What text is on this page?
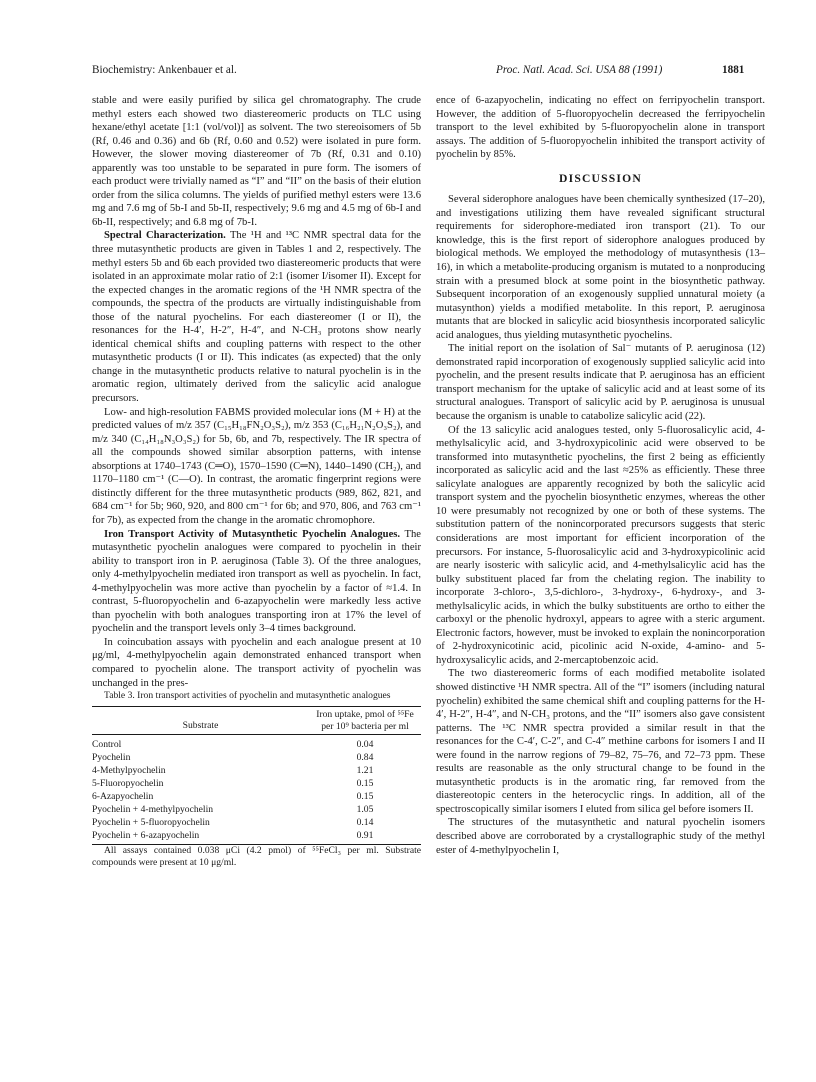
Biochemistry: Ankenbauer et al.	Proc. Natl. Acad. Sci. USA 88 (1991)	1881

stable and were easily purified by silica gel chromatography. The crude methyl esters each showed two diastereomeric products on TLC using hexane/ethyl acetate [1:1 (vol/vol)] as solvent. The two stereoisomers of 5b (Rf, 0.46 and 0.36) and 6b (Rf, 0.60 and 0.52) were isolated in pure form. However, the slower moving diastereomer of 7b (Rf, 0.31 and 0.10) apparently was too unstable to be separated in pure form. The isomers of each product were trivially named as “I” and “II” on the basis of their elution order from the silica columns. The yields of purified methyl esters were 13.6 mg and 7.6 mg of 5b-I and 5b-II, respectively; 9.6 mg and 4.5 mg of 6b-I and 6b-II, respectively; and 6.8 mg of 7b-I.

Spectral Characterization. The ¹H and ¹³C NMR spectral data for the three mutasynthetic products are given in Tables 1 and 2, respectively. The methyl esters 5b and 6b each provided two diastereomeric products that were isolated in an approximate molar ratio of 2:1 (isomer I/isomer II). Except for the expected changes in the aromatic regions of the ¹H NMR spectra of the compounds, the spectra of the products are virtually indistinguishable from those of the natural pyochelins. For each diastereomer (I or II), the resonances for the H-4′, H-2″, H-4″, and N-CH₃ protons show nearly identical chemical shifts and coupling patterns with respect to the other mutasynthetic products (I or II). This indicates (as expected) that the only change in the mutasynthetic products relative to natural pyochelin is in the aromatic region, ultimately derived from the salicylic acid analogue precursors.

Low- and high-resolution FABMS provided molecular ions (M + H) at the predicted values of m/z 357 (C₁₅H₁₈FN₂O₃S₂), m/z 353 (C₁₆H₂₁N₂O₃S₂), and m/z 340 (C₁₄H₁₈N₃O₃S₂) for 5b, 6b, and 7b, respectively. The IR spectra of all the compounds showed similar absorption patterns, with intense absorptions at 1740–1743 (C═O), 1570–1590 (C═N), 1440–1490 (CH₂), and 1170–1180 cm⁻¹ (C—O). In contrast, the aromatic fingerprint regions were distinctly different for the three mutasynthetic products (989, 862, 821, and 684 cm⁻¹ for 5b; 960, 920, and 800 cm⁻¹ for 6b; and 970, 806, and 763 cm⁻¹ for 7b), as expected from the change in the aromatic chromophore.

Iron Transport Activity of Mutasynthetic Pyochelin Analogues. The mutasynthetic pyochelin analogues were compared to pyochelin in their ability to transport iron in P. aeruginosa (Table 3). Of the three analogues, only 4-methylpyochelin mediated iron transport as well as pyochelin. In fact, 4-methylpyochelin was more active than pyochelin by a factor of ≈1.4. In contrast, 5-fluoropyochelin and 6-azapyochelin were markedly less active than pyochelin with both analogues transporting iron at 17% the level of pyochelin and the transport levels only 3–4 times background.

In coincubation assays with pyochelin and each analogue present at 10 μg/ml, 4-methylpyochelin again demonstrated enhanced transport when compared to pyochelin alone. The transport activity of pyochelin was unchanged in the pres-

Table 3. Iron transport activities of pyochelin and mutasynthetic analogues

Substrate	Iron uptake, pmol of ⁵⁵Fe per 10⁹ bacteria per ml
Control	0.04
Pyochelin	0.84
4-Methylpyochelin	1.21
5-Fluoropyochelin	0.15
6-Azapyochelin	0.15
Pyochelin + 4-methylpyochelin	1.05
Pyochelin + 5-fluoropyochelin	0.14
Pyochelin + 6-azapyochelin	0.91

All assays contained 0.038 μCi (4.2 pmol) of ⁵⁵FeCl₃ per ml. Substrate compounds were present at 10 μg/ml.

ence of 6-azapyochelin, indicating no effect on ferripyochelin transport. However, the addition of 5-fluoropyochelin decreased the ferripyochelin transport to the level exhibited by 5-fluoropyochelin alone in transport assays. The addition of 5-fluoropyochelin inhibited the transport activity of pyochelin by 85%.

DISCUSSION

Several siderophore analogues have been chemically synthesized (17–20), and investigations utilizing them have revealed significant structural requirements for siderophore-mediated iron transport (21). To our knowledge, this is the first report of siderophore analogues produced by biological methods. We employed the methodology of mutasynthesis (13–16), in which a metabolite-producing organism is mutated to a nonproducing strain with a presumed block at some point in the biosynthetic pathway. Subsequent incorporation of an exogenously supplied unnatural moiety (a mutasynthon) yields a modified metabolite. In this report, P. aeruginosa mutants that are blocked in salicylic acid biosynthesis incorporated salicylic acid analogues, thus yielding mutasynthetic pyochelins.

The initial report on the isolation of Sal⁻ mutants of P. aeruginosa (12) demonstrated rapid incorporation of exogenously supplied salicylic acid into pyochelin, and the present results indicate that P. aeruginosa has an efficient transport mechanism for the uptake of salicylic acid and at least some of its structural analogues. Transport of salicylic acid by P. aeruginosa is unusual because the organism is unable to catabolize salicylic acid (22).

Of the 13 salicylic acid analogues tested, only 5-fluorosalicylic acid, 4-methylsalicylic acid, and 3-hydroxypicolinic acid were observed to be transformed into mutasynthetic pyochelins, the first 2 being as efficiently incorporated as salicylic acid and the last ≈25% as efficiently. These three salicylate analogues are apparently recognized by both the salicylic acid transport system and the pyochelin biosynthetic enzymes, whereas the other 10 were presumably not recognized by one or both of these systems. The substitution pattern of the nonincorporated precursors suggests that steric considerations are most important for efficient incorporation of the precursors. For instance, 5-fluorosalicylic acid and 3-hydroxypicolinic acid are nearly isosteric with salicylic acid, and 4-methylsalicylic acid has the bulky substituent placed far from the chelating region. The inability to incorporate 3-chloro-, 3,5-dichloro-, 3-hydroxy-, 6-hydroxy-, and 3-methylsalicylic acids, in which the bulky substituents are ortho to either the carboxyl or the phenolic hydroxyl, appears to agree with a steric argument. Electronic factors, however, must be invoked to explain the nonincorporation of 2-hydroxynicotinic acid, picolinic acid N-oxide, 4-amino- and 5-hydroxysalicylic acids, and 2-mercaptobenzoic acid.

The two diastereomeric forms of each modified metabolite isolated showed distinctive ¹H NMR spectra. All of the “I” isomers (including natural pyochelin) exhibited the same chemical shift and coupling patterns for the H-4′, H-2″, H-4″, and N-CH₃ protons, and the “II” isomers also gave consistent patterns. The ¹³C NMR spectra provided a similar result in that the resonances for the C-4′, C-2″, and C-4″ methine carbons for isomers I and II were found in the narrow regions of 79–82, 75–76, and 72–73 ppm. These results are reasonable as the only structural change to be found in the mutasynthetic products is in the aromatic ring, far removed from the diastereotopic centers in the heterocyclic rings. In addition, all of the spectroscopically similar isomers I eluted from silica gel before isomers II.

The structures of the mutasynthetic and natural pyochelin isomers described above are corroborated by a crystallographic study of the methyl ester of 4-methylpyochelin I,
